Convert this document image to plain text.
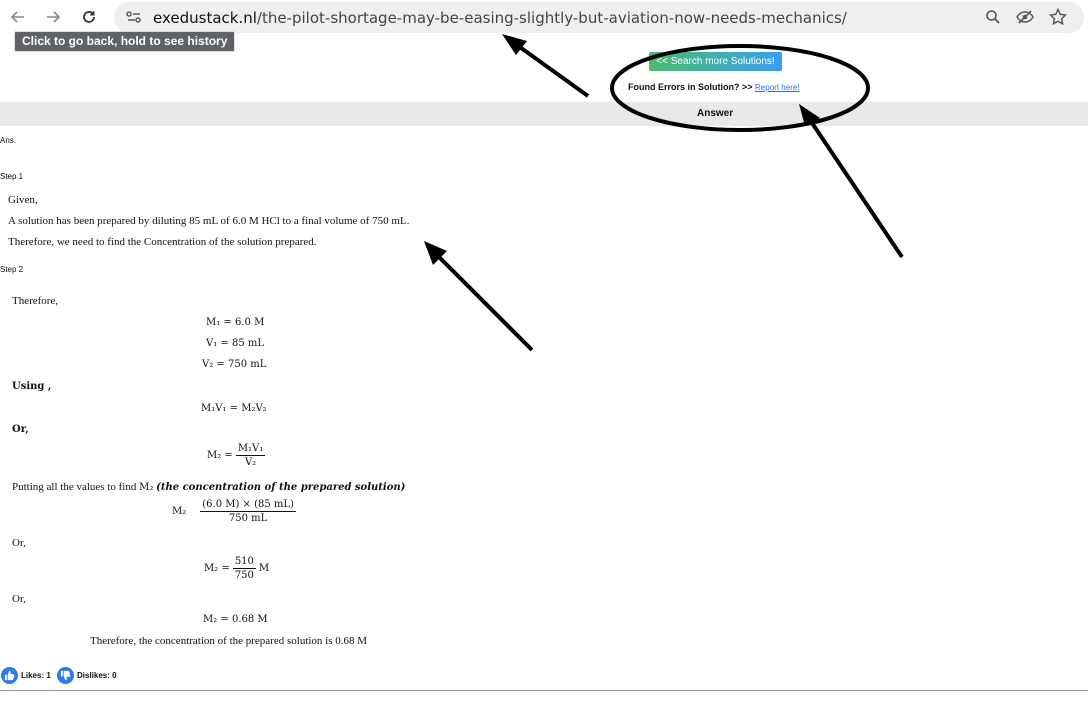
exedustack.nl/the-pilot-shortage-may-be-easing-slightly-but-aviation-now-needs-mechanics/
Click to go back, hold to see history
<< Search more Solutions!
Found Errors in Solution? >> Report here!
Answer
Ans.
Step 1
Given,
A solution has been prepared by diluting 85 mL of 6.0 M HCl to a final volume of 750 mL.
Therefore, we need to find the Concentration of the solution prepared.
Step 2
Therefore,
M₁ = 6.0 M
V₁ = 85 mL
V₂ = 750 mL
Using ,
M₁V₁ = M₂V₂
Or,
$M_2 = \frac{\text{M₁V₁}}{\text{V₂}}$
Putting all the values to find M₂ (the concentration of the prepared solution)
$M_2 \frac{(6.0 M) \times (85 mL)}{750 mL}$
Or,
$M_2 = \frac{510}{750}$ M
Or,
M₂ = 0.68 M
Therefore, the concentration of the prepared solution is 0.68 M
Likes: 1	Dislikes: 0
